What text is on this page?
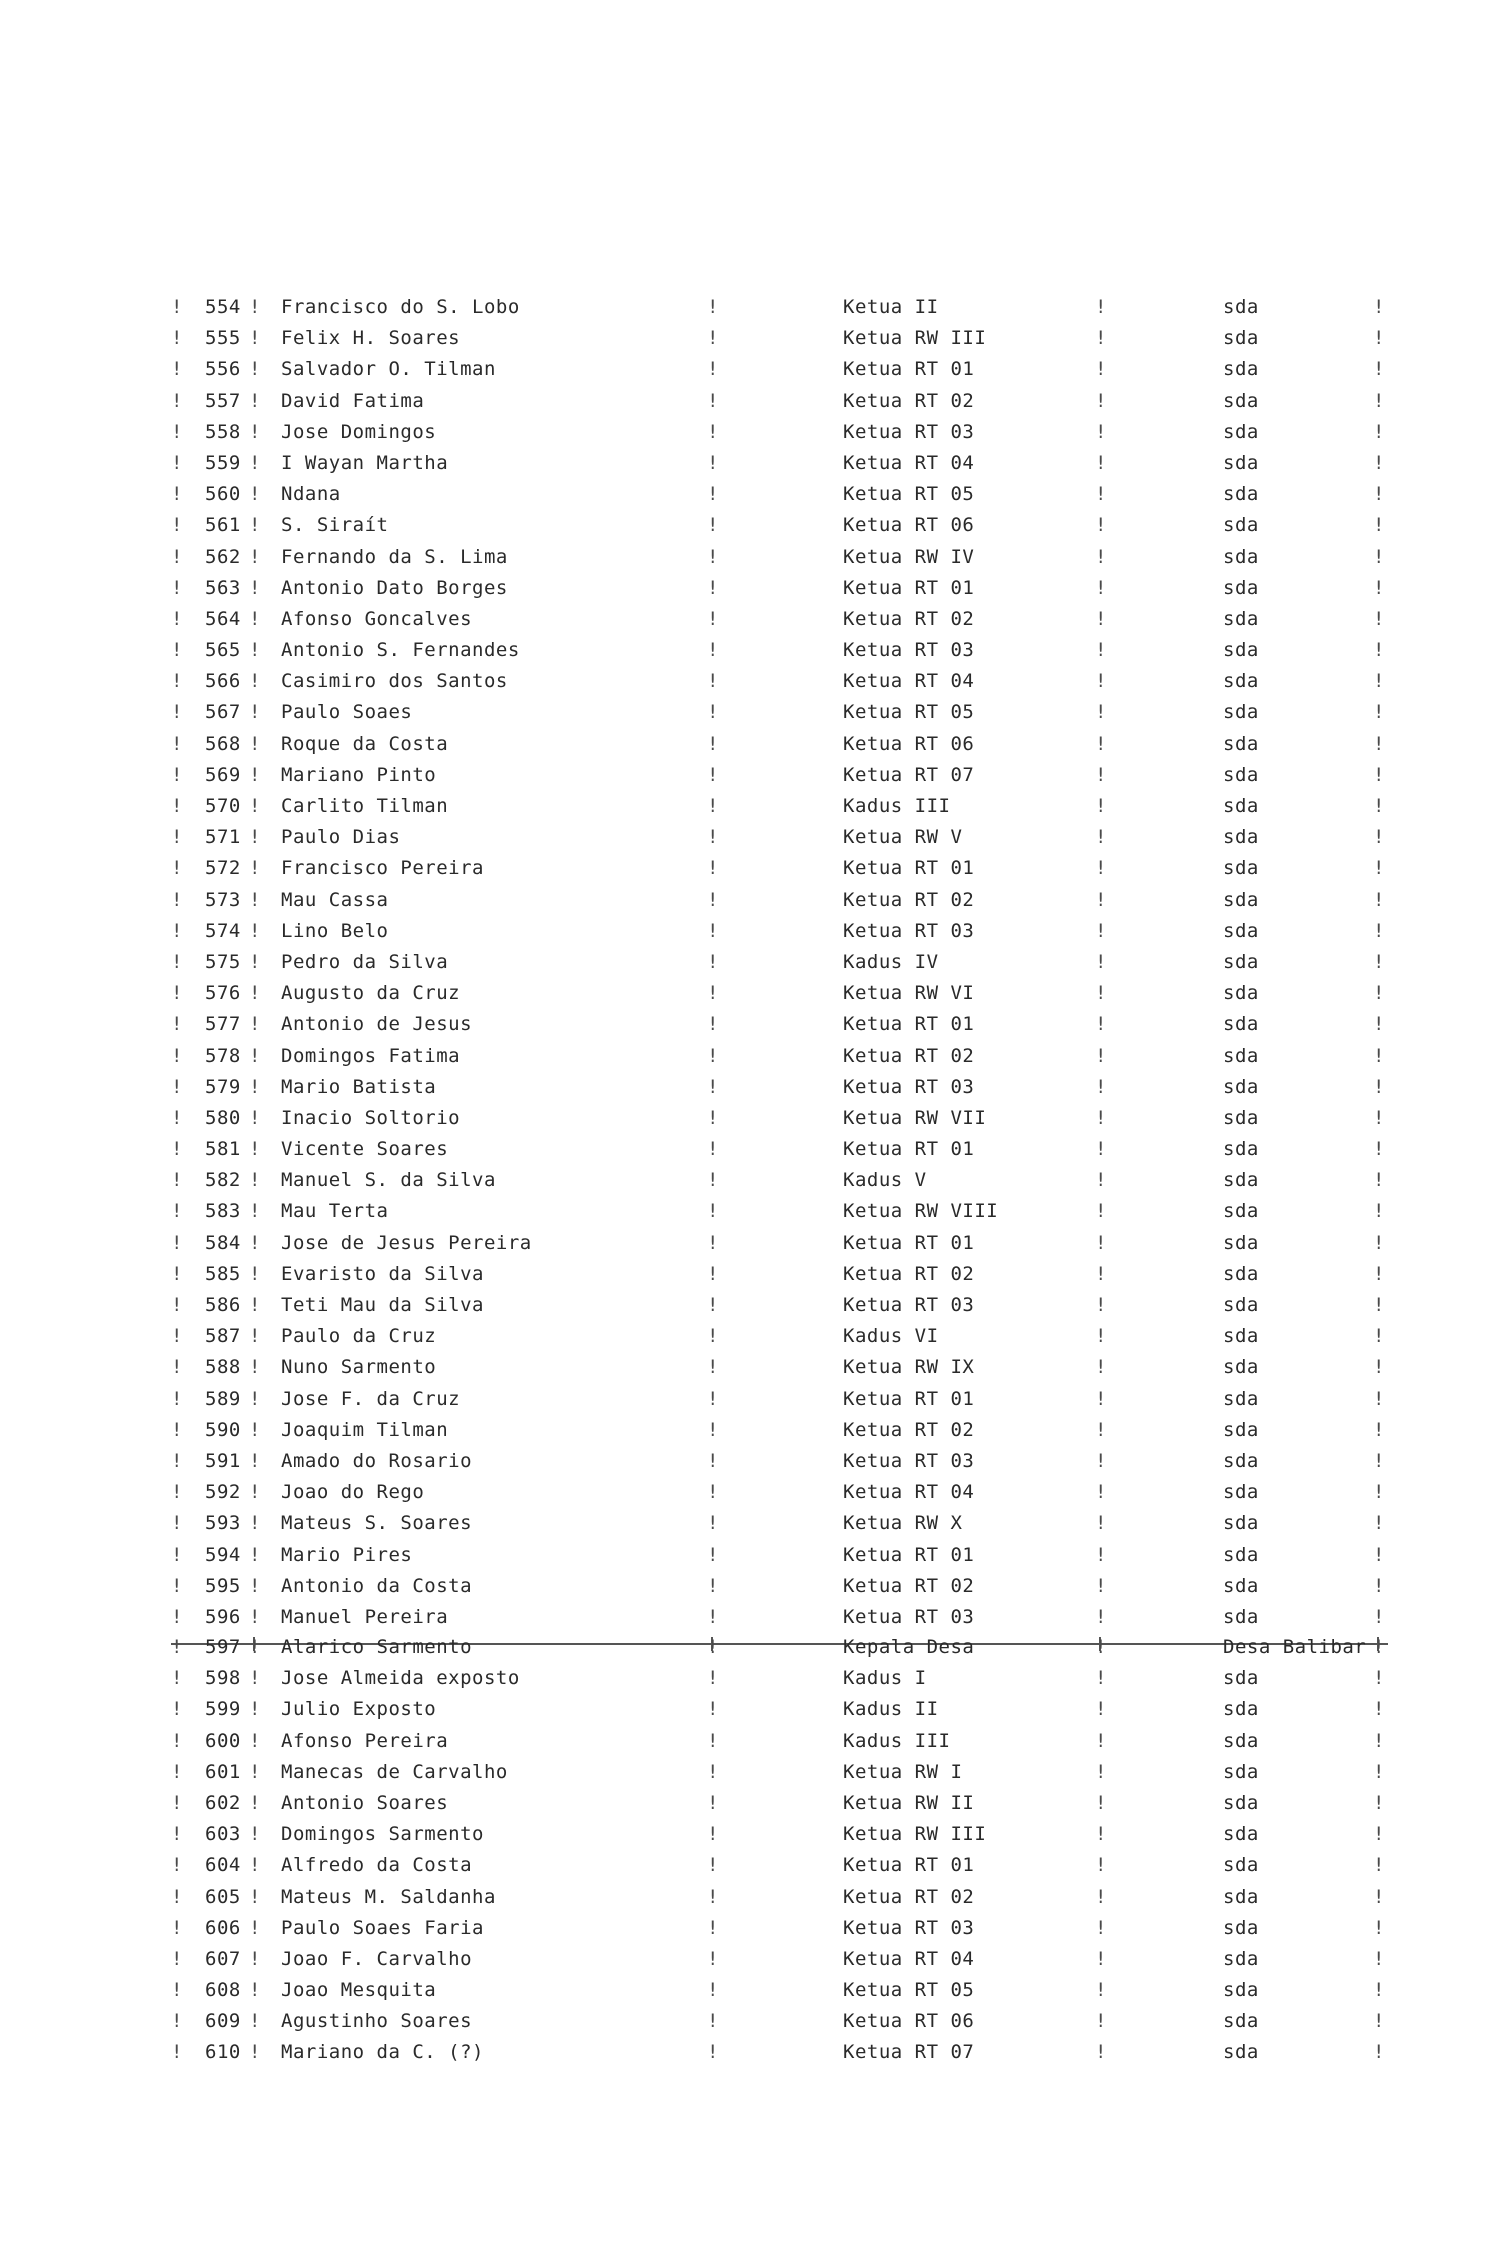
! 554 ! Francisco do S. Lobo	!	Ketua II	!	sda	!
! 555 ! Felix H. Soares	!	Ketua RW III	!	sda	!
! 556 ! Salvador O. Tilman	!	Ketua RT 01	!	sda	!
! 557 ! David Fatima	!	Ketua RT 02	!	sda	!
! 558 ! Jose Domingos	!	Ketua RT 03	!	sda	!
! 559 ! I Wayan Martha	!	Ketua RT 04	!	sda	!
! 560 ! Ndana	!	Ketua RT 05	!	sda	!
! 561 ! S. Siraít	!	Ketua RT 06	!	sda	!
! 562 ! Fernando da S. Lima	!	Ketua RW IV	!	sda	!
! 563 ! Antonio Dato Borges	!	Ketua RT 01	!	sda	!
! 564 ! Afonso Goncalves	!	Ketua RT 02	!	sda	!
! 565 ! Antonio S. Fernandes	!	Ketua RT 03	!	sda	!
! 566 ! Casimiro dos Santos	!	Ketua RT 04	!	sda	!
! 567 ! Paulo Soaes	!	Ketua RT 05	!	sda	!
! 568 ! Roque da Costa	!	Ketua RT 06	!	sda	!
! 569 ! Mariano Pinto	!	Ketua RT 07	!	sda	!
! 570 ! Carlito Tilman	!	Kadus III	!	sda	!
! 571 ! Paulo Dias	!	Ketua RW V	!	sda	!
! 572 ! Francisco Pereira	!	Ketua RT 01	!	sda	!
! 573 ! Mau Cassa	!	Ketua RT 02	!	sda	!
! 574 ! Lino Belo	!	Ketua RT 03	!	sda	!
! 575 ! Pedro da Silva	!	Kadus IV	!	sda	!
! 576 ! Augusto da Cruz	!	Ketua RW VI	!	sda	!
! 577 ! Antonio de Jesus	!	Ketua RT 01	!	sda	!
! 578 ! Domingos Fatima	!	Ketua RT 02	!	sda	!
! 579 ! Mario Batista	!	Ketua RT 03	!	sda	!
! 580 ! Inacio Soltorio	!	Ketua RW VII	!	sda	!
! 581 ! Vicente Soares	!	Ketua RT 01	!	sda	!
! 582 ! Manuel S. da Silva	!	Kadus V	!	sda	!
! 583 ! Mau Terta	!	Ketua RW VIII	!	sda	!
! 584 ! Jose de Jesus Pereira	!	Ketua RT 01	!	sda	!
! 585 ! Evaristo da Silva	!	Ketua RT 02	!	sda	!
! 586 ! Teti Mau da Silva	!	Ketua RT 03	!	sda	!
! 587 ! Paulo da Cruz	!	Kadus VI	!	sda	!
! 588 ! Nuno Sarmento	!	Ketua RW IX	!	sda	!
! 589 ! Jose F. da Cruz	!	Ketua RT 01	!	sda	!
! 590 ! Joaquim Tilman	!	Ketua RT 02	!	sda	!
! 591 ! Amado do Rosario	!	Ketua RT 03	!	sda	!
! 592 ! Joao do Rego	!	Ketua RT 04	!	sda	!
! 593 ! Mateus S. Soares	!	Ketua RW X	!	sda	!
! 594 ! Mario Pires	!	Ketua RT 01	!	sda	!
! 595 ! Antonio da Costa	!	Ketua RT 02	!	sda	!
! 596 ! Manuel Pereira	!	Ketua RT 03	!	sda	!
! 597 ! Alarico Sarmento	!	Kepala Desa	!	Desa Balibar !
! 598 ! Jose Almeida exposto	!	Kadus I	!	sda	!
! 599 ! Julio Exposto	!	Kadus II	!	sda	!
! 600 ! Afonso Pereira	!	Kadus III	!	sda	!
! 601 ! Manecas de Carvalho	!	Ketua RW I	!	sda	!
! 602 ! Antonio Soares	!	Ketua RW II	!	sda	!
! 603 ! Domingos Sarmento	!	Ketua RW III	!	sda	!
! 604 ! Alfredo da Costa	!	Ketua RT 01	!	sda	!
! 605 ! Mateus M. Saldanha	!	Ketua RT 02	!	sda	!
! 606 ! Paulo Soaes Faria	!	Ketua RT 03	!	sda	!
! 607 ! Joao F. Carvalho	!	Ketua RT 04	!	sda	!
! 608 ! Joao Mesquita	!	Ketua RT 05	!	sda	!
! 609 ! Agustinho Soares	!	Ketua RT 06	!	sda	!
! 610 ! Mariano da C. (?)	!	Ketua RT 07	!	sda	!
